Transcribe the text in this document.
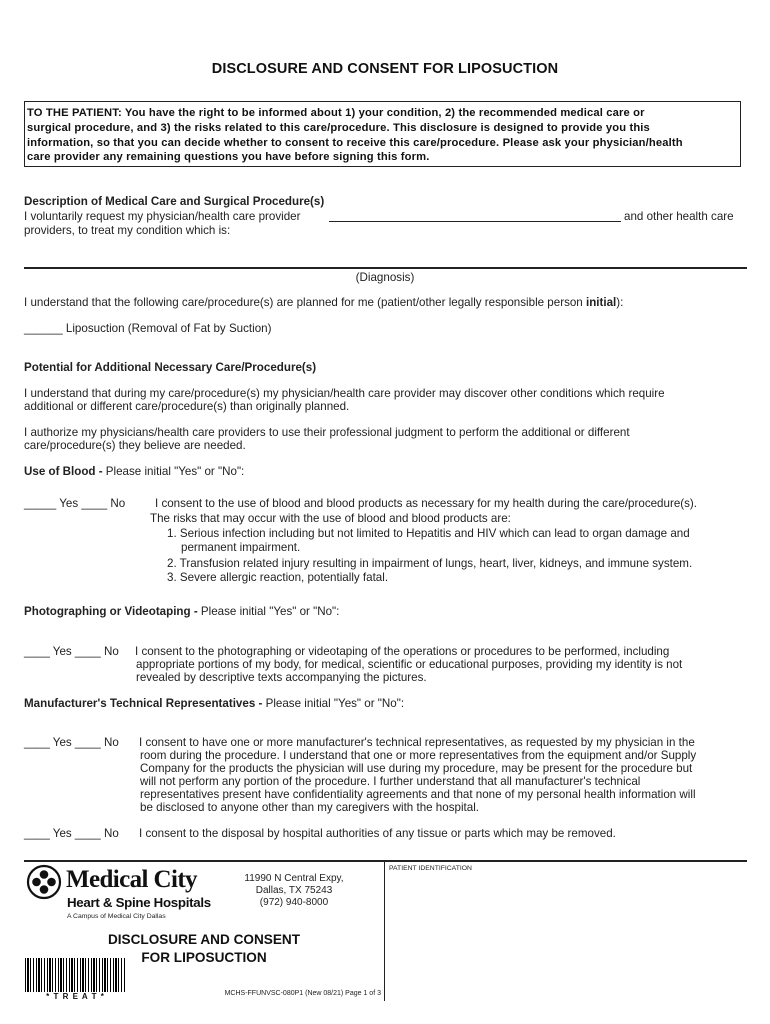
DISCLOSURE AND CONSENT FOR LIPOSUCTION
TO THE PATIENT: You have the right to be informed about 1) your condition, 2) the recommended medical care or
surgical procedure, and 3) the risks related to this care/procedure. This disclosure is designed to provide you this
information, so that you can decide whether to consent to receive this care/procedure. Please ask your physician/health
care provider any remaining questions you have before signing this form.
Description of Medical Care and Surgical Procedure(s)
I voluntarily request my physician/health care provider	and other health care
providers, to treat my condition which is:
(Diagnosis)
I understand that the following care/procedure(s) are planned for me (patient/other legally responsible person initial):
______ Liposuction (Removal of Fat by Suction)
Potential for Additional Necessary Care/Procedure(s)
I understand that during my care/procedure(s) my physician/health care provider may discover other conditions which require
additional or different care/procedure(s) than originally planned.
I authorize my physicians/health care providers to use their professional judgment to perform the additional or different
care/procedure(s) they believe are needed.
Use of Blood - Please initial "Yes" or "No":
_____ Yes ____ No	I consent to the use of blood and blood products as necessary for my health during the care/procedure(s).
The risks that may occur with the use of blood and blood products are:
1. Serious infection including but not limited to Hepatitis and HIV which can lead to organ damage and
permanent impairment.
2. Transfusion related injury resulting in impairment of lungs, heart, liver, kidneys, and immune system.
3. Severe allergic reaction, potentially fatal.
Photographing or Videotaping - Please initial "Yes" or "No":
____ Yes ____ No I consent to the photographing or videotaping of the operations or procedures to be performed, including
appropriate portions of my body, for medical, scientific or educational purposes, providing my identity is not
revealed by descriptive texts accompanying the pictures.
Manufacturer's Technical Representatives - Please initial "Yes" or "No":
____ Yes ____ No I consent to have one or more manufacturer's technical representatives, as requested by my physician in the
room during the procedure. I understand that one or more representatives from the equipment and/or Supply
Company for the products the physician will use during my procedure, may be present for the procedure but
will not perform any portion of the procedure. I further understand that all manufacturer's technical
representatives present have confidentiality agreements and that none of my personal health information will
be disclosed to anyone other than my caregivers with the hospital.
____ Yes ____ No I consent to the disposal by hospital authorities of any tissue or parts which may be removed.
Medical City
Heart & Spine Hospitals
A Campus of Medical City Dallas
11990 N Central Expy,
Dallas, TX 75243
(972) 940-8000
PATIENT IDENTIFICATION
DISCLOSURE AND CONSENT
FOR LIPOSUCTION
* T R E A T *	MCHS-FFUNVSC-080P1 (New 08/21) Page 1 of 3
